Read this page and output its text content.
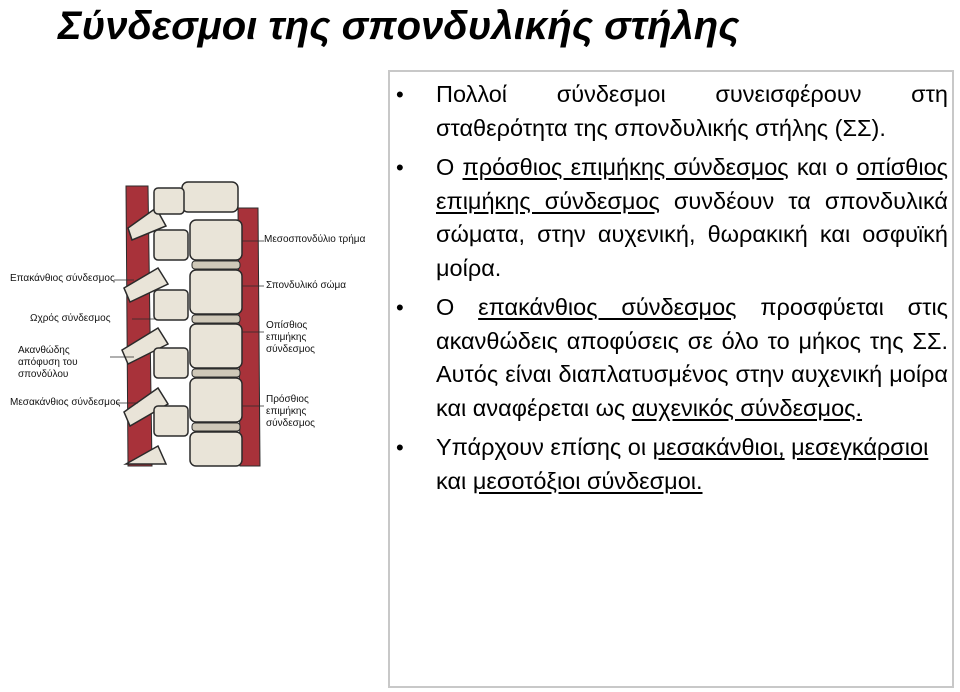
Σύνδεσμοι της σπονδυλικής στήλης
• Πολλοί σύνδεσμοι συνεισφέρουν στη σταθερότητα της σπονδυλικής στήλης (ΣΣ).
• Ο πρόσθιος επιμήκης σύνδεσμος και ο οπίσθιος επιμήκης σύνδεσμος συνδέουν τα σπονδυλικά σώματα, στην αυχενική, θωρακική και οσφυϊκή μοίρα.
• Ο επακάνθιος σύνδεσμος προσφύεται στις ακανθώδεις αποφύσεις σε όλο το μήκος της ΣΣ. Αυτός είναι διαπλατυσμένος στην αυχενική μοίρα και αναφέρεται ως αυχενικός σύνδεσμος.
• Υπάρχουν επίσης οι μεσακάνθιοι, μεσεγκάρσιοι και μεσοτόξιοι σύνδεσμοι.
Μεσοσπονδύλιο τρήμα
Επακάνθιος σύνδεσμος
Σπονδυλικό σώμα
Ωχρός σύνδεσμος
Οπίσθιος επιμήκης σύνδεσμος
Ακανθώδης απόφυση του σπονδύλου
Μεσακάνθιος σύνδεσμος	Πρόσθιος επιμήκης σύνδεσμος
